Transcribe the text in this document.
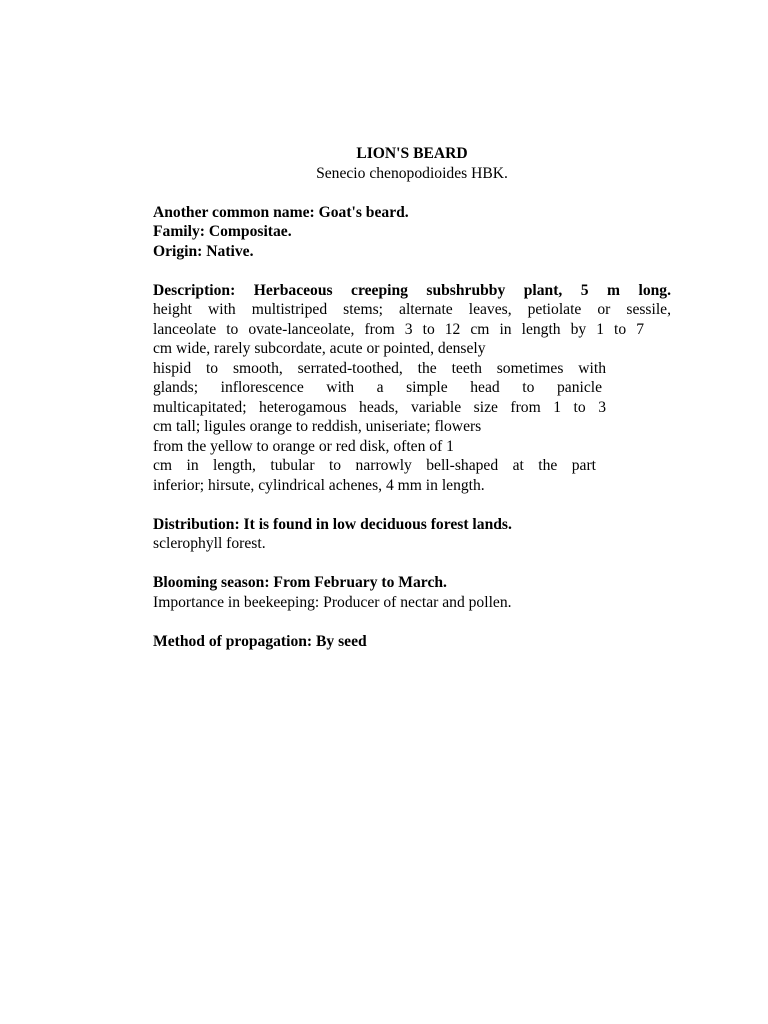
LION'S BEARD
Senecio chenopodioides HBK.
Another common name: Goat's beard.
Family: Compositae.
Origin: Native.
Description: Herbaceous creeping subshrubby plant, 5 m long.
height with multistriped stems; alternate leaves, petiolate or sessile,
lanceolate to ovate-lanceolate, from 3 to 12 cm in length by 1 to 7
cm wide, rarely subcordate, acute or pointed, densely
hispid to smooth, serrated-toothed, the teeth sometimes with
glands; inflorescence with a simple head to panicle
multicapitated; heterogamous heads, variable size from 1 to 3
cm tall; ligules orange to reddish, uniseriate; flowers
from the yellow to orange or red disk, often of 1
cm in length, tubular to narrowly bell-shaped at the part
inferior; hirsute, cylindrical achenes, 4 mm in length.
Distribution: It is found in low deciduous forest lands.
sclerophyll forest.
Blooming season: From February to March.
Importance in beekeeping: Producer of nectar and pollen.
Method of propagation: By seed
